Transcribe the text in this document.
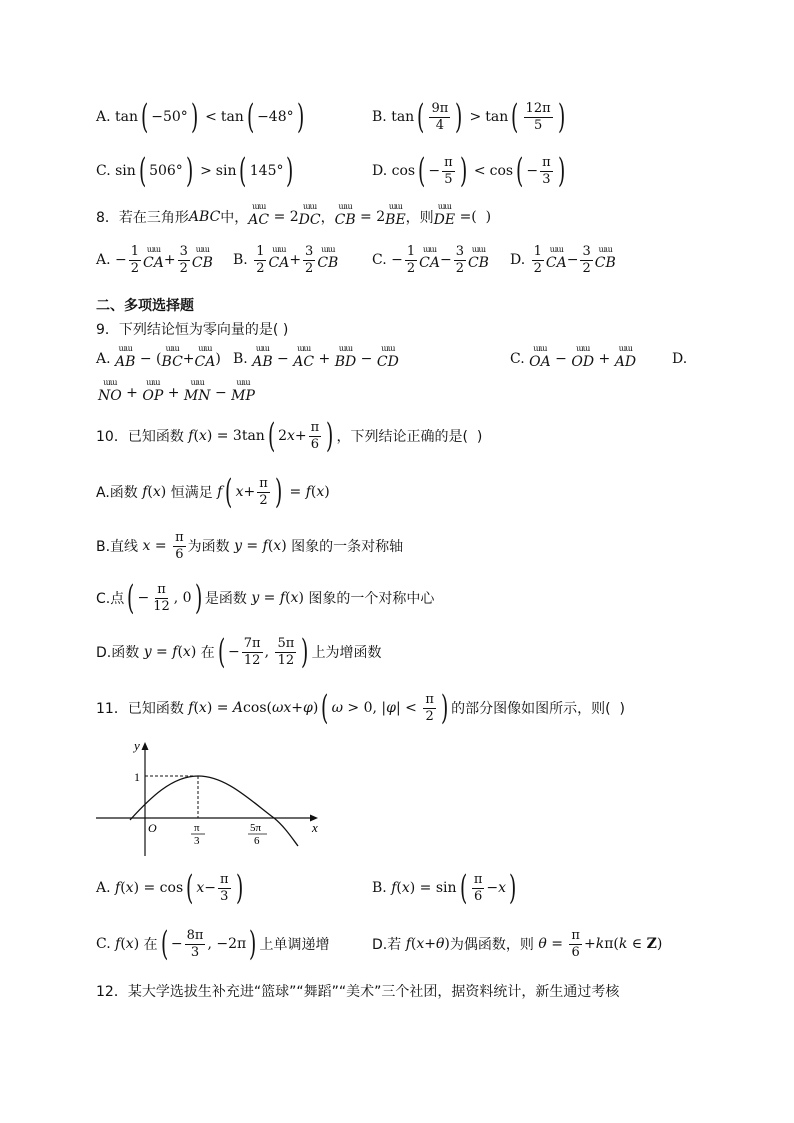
A. tan ( −50° ) < tan ( −48° )	B. tan ( $\frac{9\pi}{4}$ ) > tan ( $\frac{12\pi}{5}$ )
C. sin ( 506° ) > sin ( 145° )	D. cos ( − $\frac{\pi}{5}$ ) < cos ( − $\frac{\pi}{3}$ )
8．若在三角形 ABC 中， ɯɯ AC = 2 ɯɯ DC ， ɯɯ CB = 2 ɯɯ BE ，则 ɯɯ DE =(  )
A. − $\frac{1}{2}$ ɯɯ CA + $\frac{3}{2}$ ɯɯ CB B. $\frac{1}{2}$ ɯɯ CA + $\frac{3}{2}$ ɯɯ CB C. − $\frac{1}{2}$ ɯɯ CA − $\frac{3}{2}$ ɯɯ CB D. $\frac{1}{2}$ ɯɯ CA − $\frac{3}{2}$ ɯɯ CB
二、多项选择题
9．下列结论恒为零向量的是( )
A. ɯɯ AB − ( ɯɯ BC + ɯɯ CA ) B. ɯɯ AB − ɯɯ AC + ɯɯ BD − ɯɯ CD	C. ɯɯ OA − ɯɯ OD + ɯɯ AD	D.
ɯɯ NO + ɯɯ OP + ɯɯ MN − ɯɯ MP
10．已知函数 f ( x ) = 3tan ( 2 $x + \frac{\pi}{6}$ ) ，下列结论正确的是(  )
A.函数 f ( x ) 恒满足 f ( $x + \frac{\pi}{2}$ ) = f ( x )
B.直线 $x = \frac{\pi}{6}$ 为函数 y = f ( x ) 图象的一条对称轴
C.点 ( − $\frac{\pi}{12}$ , 0 ) 是函数 y = f ( x ) 图象的一个对称中心
D.函数 y = f ( x ) 在 ( − $\frac{7\pi}{12}$ , $\frac{5\pi}{12}$ ) 上为增函数
11．已知函数 f ( x ) = A cos( ωx + φ ) ( ω > 0, | φ | < $\frac{\pi}{2}$ ) 的部分图像如图所示，则(  )
y
x
O
1
π
3
5π
6
A. f ( x ) = cos ( $x - \frac{\pi}{3}$ )	B. f ( x ) = sin ( $\frac{\pi}{6} - x$ )
C. f ( x ) 在 ( − $\frac{8\pi}{3}$ , −2π ) 上单调递增	D.若 f ( x + θ ) 为偶函数，则 $\theta = \frac{\pi}{6} + k$ π( k ∈ Z )
12．某大学选拔生补充进“篮球”“舞蹈”“美术”三个社团，据资料统计，新生通过考核
